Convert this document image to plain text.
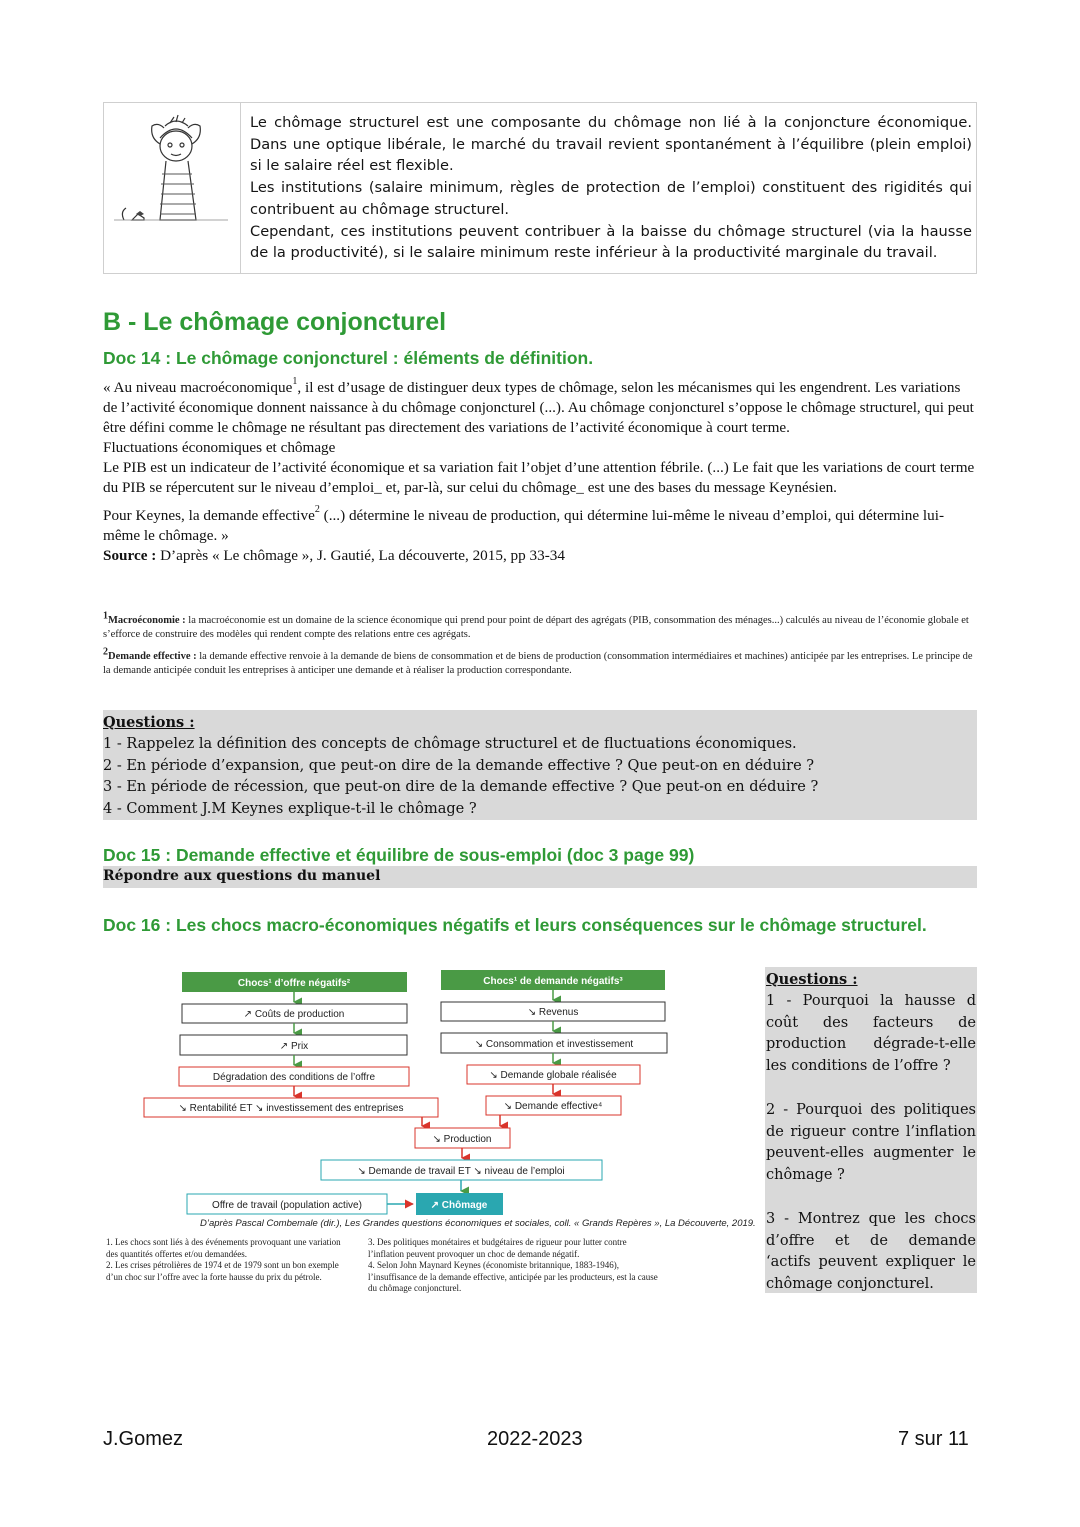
Le chômage structurel est une composante du chômage non lié à la conjoncture économique. Dans une optique libérale, le marché du travail revient spontanément à l’équilibre (plein emploi) si le salaire réel est flexible.

Les institutions (salaire minimum, règles de protection de l’emploi) constituent des rigidités qui contribuent au chômage structurel.

Cependant, ces institutions peuvent contribuer à la baisse du chômage structurel (via la hausse de la productivité), si le salaire minimum reste inférieur à la productivité marginale du travail.

B - Le chômage conjoncturel
Doc 14 : Le chômage conjoncturel : éléments de définition.

« Au niveau macroéconomique$^1$, il est d’usage de distinguer deux types de chômage, selon les mécanismes qui les engendrent. Les variations de l’activité économique donnent naissance à du chômage conjoncturel (...). Au chômage conjoncturel s’oppose le chômage structurel, qui peut être défini comme le chômage ne résultant pas directement des variations de l’activité économique à court terme.

Fluctuations économiques et chômage

Le PIB est un indicateur de l’activité économique et sa variation fait l’objet d’une attention fébrile. (...) Le fait que les variations de court terme du PIB se répercutent sur le niveau d’emploi_ et, par-là, sur celui du chômage_ est une des bases du message Keynésien.

Pour Keynes, la demande effective$^2$ (...) détermine le niveau de production, qui détermine lui-même le niveau d’emploi, qui détermine lui- même le chômage. »

Source : D’après « Le chômage », J. Gautié, La découverte, 2015, pp 33-34

$^1$Macroéconomie : la macroéconomie est un domaine de la science économique qui prend pour point de départ des agrégats (PIB, consommation des ménages...) calculés au niveau de l’économie globale et s’efforce de construire des modèles qui rendent compte des relations entre ces agrégats.

$^2$Demande effective : la demande effective renvoie à la demande de biens de consommation et de biens de production (consommation intermédiaires et machines) anticipée par les entreprises. Le principe de la demande anticipée conduit les entreprises à anticiper une demande et à réaliser la production correspondante.

Questions :
1 - Rappelez la définition des concepts de chômage structurel et de fluctuations économiques.
2 - En période d’expansion, que peut-on dire de la demande effective ? Que peut-on en déduire ?
3 - En période de récession, que peut-on dire de la demande effective ? Que peut-on en déduire ?
4 - Comment J.M Keynes explique-t-il le chômage ?
Doc 15 : Demande effective et équilibre de sous-emploi (doc 3 page 99)
Répondre aux questions du manuel
Doc 16 : Les chocs macro-économiques négatifs et leurs conséquences sur le chômage structurel.
Chocs¹ d’offre négatifs²
↗ Coûts de production
↗ Prix
Dégradation des conditions de l’offre
↘ Rentabilité ET ↘ investissement des entreprises
Chocs¹ de demande négatifs³
↘ Revenus
↘ Consommation et investissement
↘ Demande globale réalisée
↘ Demande effective⁴
↘ Production
↘ Demande de travail ET ↘ niveau de l’emploi
Offre de travail (population active)	↗ Chômage
D’après Pascal Combemale (dir.), Les Grandes questions économiques et sociales, coll. « Grands Repères », La Découverte, 2019.

1. Les chocs sont liés à des événements provoquant une variation des quantités offertes et/ou demandées.

2. Les crises pétrolières de 1974 et de 1979 sont un bon exemple d’un choc sur l’offre avec la forte hausse du prix du pétrole.

3. Des politiques monétaires et budgétaires de rigueur pour lutter contre l’inflation peuvent provoquer un choc de demande négatif.

4. Selon John Maynard Keynes (économiste britannique, 1883-1946), l’insuffisance de la demande effective, anticipée par les producteurs, est la cause du chômage conjoncturel.

Questions :

1 - Pourquoi la hausse d coût des facteurs de production dégrade-t-elle les conditions de l’offre ?

2 - Pourquoi des politiques de rigueur contre l’inflation peuvent-elles augmenter le chômage ?

3 - Montrez que les chocs d’offre et de demande ‘actifs peuvent expliquer le chômage conjoncturel.

J.Gomez	2022-2023	7 sur 11
